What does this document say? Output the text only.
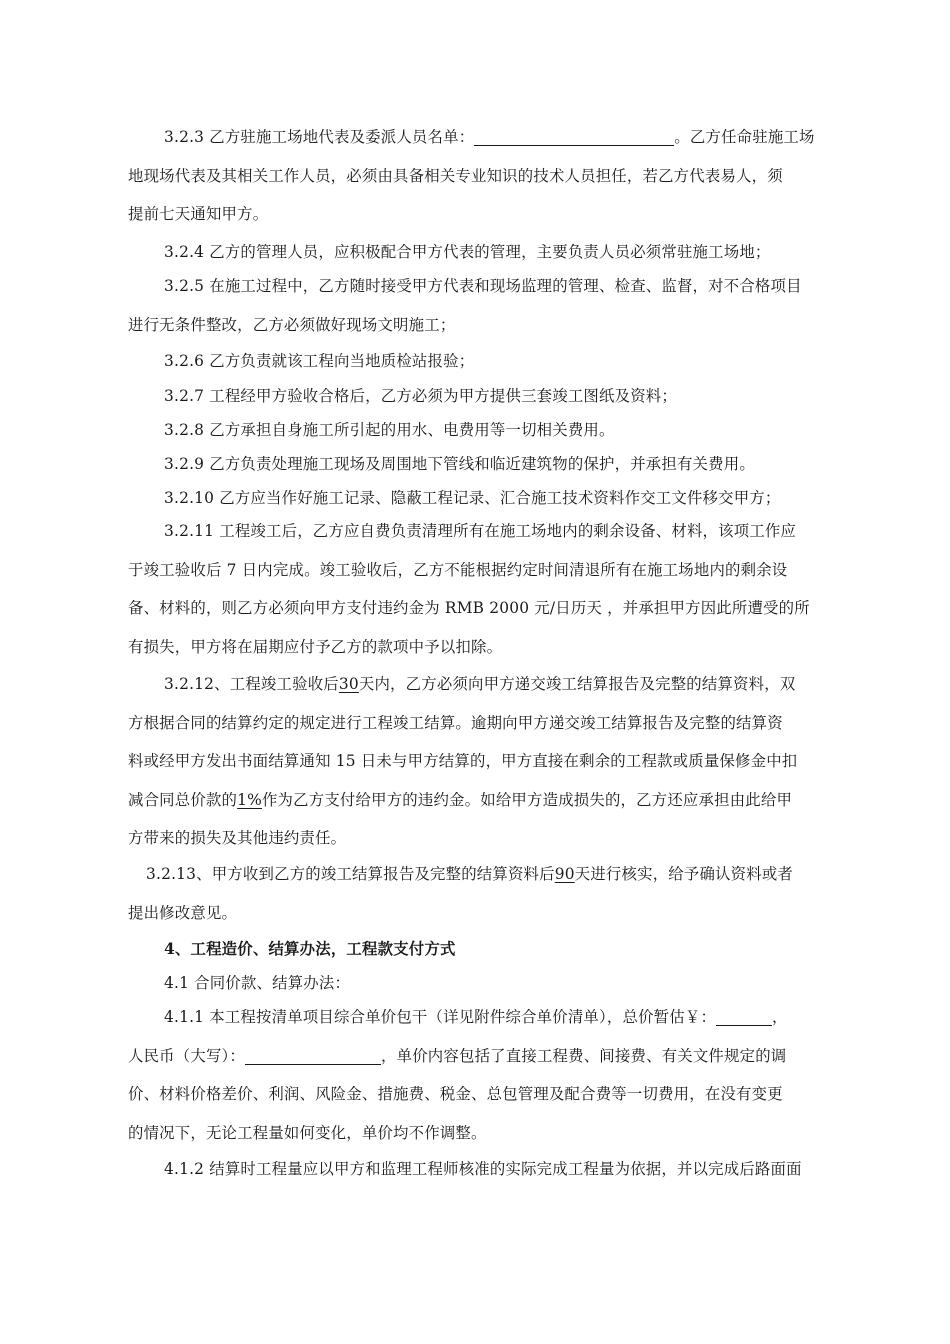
3.2.3 乙方驻施工场地代表及委派人员名单：	。乙方任命驻施工场
地现场代表及其相关工作人员，必须由具备相关专业知识的技术人员担任，若乙方代表易人，须
提前七天通知甲方。
3.2.4 乙方的管理人员，应积极配合甲方代表的管理，主要负责人员必须常驻施工场地；
3.2.5 在施工过程中，乙方随时接受甲方代表和现场监理的管理、检查、监督，对不合格项目
进行无条件整改，乙方必须做好现场文明施工；
3.2.6 乙方负责就该工程向当地质检站报验；
3.2.7 工程经甲方验收合格后，乙方必须为甲方提供三套竣工图纸及资料；
3.2.8 乙方承担自身施工所引起的用水、电费用等一切相关费用。
3.2.9 乙方负责处理施工现场及周围地下管线和临近建筑物的保护，并承担有关费用。
3.2.10 乙方应当作好施工记录、隐蔽工程记录、汇合施工技术资料作交工文件移交甲方；
3.2.11 工程竣工后，乙方应自费负责清理所有在施工场地内的剩余设备、材料，该项工作应
于竣工验收后 7 日内完成。竣工验收后，乙方不能根据约定时间清退所有在施工场地内的剩余设
备、材料的，则乙方必须向甲方支付违约金为 RMB 2000 元/日历天 ，并承担甲方因此所遭受的所
有损失，甲方将在届期应付予乙方的款项中予以扣除。
3.2.12、工程竣工验收后30天内，乙方必须向甲方递交竣工结算报告及完整的结算资料，双
方根据合同的结算约定的规定进行工程竣工结算。逾期向甲方递交竣工结算报告及完整的结算资
料或经甲方发出书面结算通知 15 日未与甲方结算的，甲方直接在剩余的工程款或质量保修金中扣
减合同总价款的1%作为乙方支付给甲方的违约金。如给甲方造成损失的，乙方还应承担由此给甲
方带来的损失及其他违约责任。
3.2.13、甲方收到乙方的竣工结算报告及完整的结算资料后90天进行核实，给予确认资料或者
提出修改意见。
4、工程造价、结算办法，工程款支付方式
4.1 合同价款、结算办法：
4.1.1 本工程按清单项目综合单价包干（详见附件综合单价清单），总价暂估￥：	，
人民币（大写）：	，单价内容包括了直接工程费、间接费、有关文件规定的调
价、材料价格差价、利润、风险金、措施费、税金、总包管理及配合费等一切费用，在没有变更
的情况下，无论工程量如何变化，单价均不作调整。
4.1.2 结算时工程量应以甲方和监理工程师核准的实际完成工程量为依据，并以完成后路面面
